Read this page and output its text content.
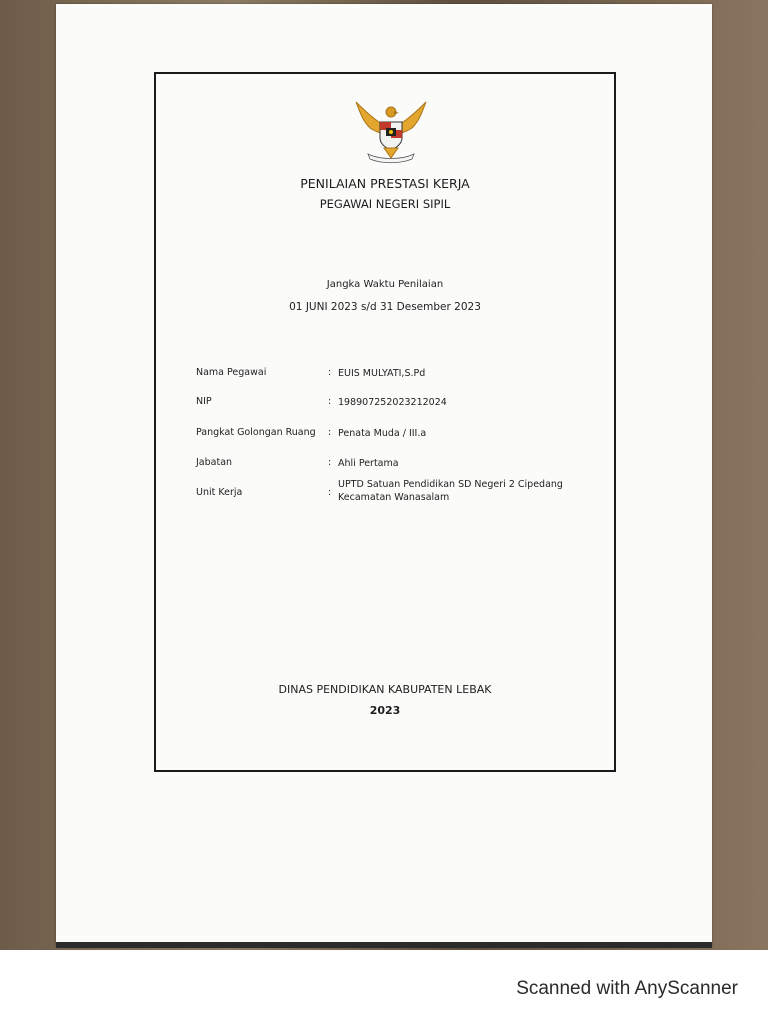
PENILAIAN PRESTASI KERJA
PEGAWAI NEGERI SIPIL
Jangka Waktu Penilaian
01 JUNI 2023 s/d 31 Desember 2023
Nama Pegawai	: EUIS MULYATI,S.Pd
NIP	: 198907252023212024
Pangkat Golongan Ruang : Penata Muda / III.a
Jabatan	: Ahli Pertama
Unit Kerja	:
UPTD Satuan Pendidikan SD Negeri 2 Cipedang Kecamatan Wanasalam
DINAS PENDIDIKAN KABUPATEN LEBAK
2023
Scanned with AnyScanner
